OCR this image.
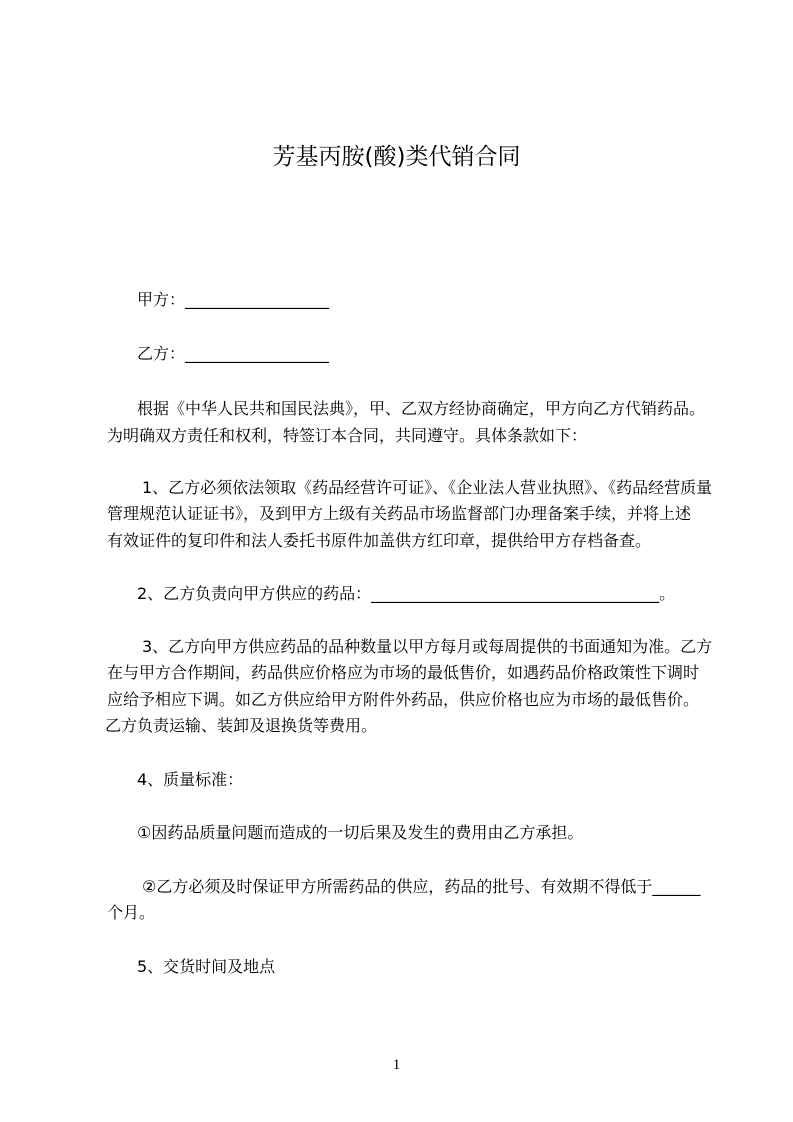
芳基丙胺(酸)类代销合同
甲方：__________________
乙方：__________________
根据《中华人民共和国民法典》，甲、乙双方经协商确定，甲方向乙方代销药品。
为明确双方责任和权利，特签订本合同，共同遵守。具体条款如下：
1、乙方必须依法领取《药品经营许可证》、《企业法人营业执照》、《药品经营质量
管理规范认证证书》，及到甲方上级有关药品市场监督部门办理备案手续，并将上述
有效证件的复印件和法人委托书原件加盖供方红印章，提供给甲方存档备查。
2、乙方负责向甲方供应的药品：____________________________________。
3、乙方向甲方供应药品的品种数量以甲方每月或每周提供的书面通知为准。乙方
在与甲方合作期间，药品供应价格应为市场的最低售价，如遇药品价格政策性下调时
应给予相应下调。如乙方供应给甲方附件外药品，供应价格也应为市场的最低售价。
乙方负责运输、装卸及退换货等费用。
4、质量标准：
①因药品质量问题而造成的一切后果及发生的费用由乙方承担。
②乙方必须及时保证甲方所需药品的供应，药品的批号、有效期不得低于______
个月。
5、交货时间及地点
1
